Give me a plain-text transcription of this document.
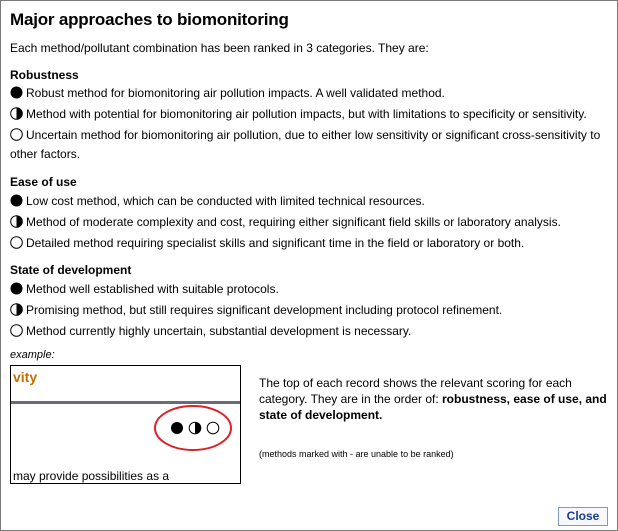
Major approaches to biomonitoring
Each method/pollutant combination has been ranked in 3 categories. They are:
Robustness
Robust method for biomonitoring air pollution impacts. A well validated method.
Method with potential for biomonitoring air pollution impacts, but with limitations to specificity or sensitivity.
Uncertain method for biomonitoring air pollution, due to either low sensitivity or significant cross-sensitivity to other factors.
Ease of use
Low cost method, which can be conducted with limited technical resources.
Method of moderate complexity and cost, requiring either significant field skills or laboratory analysis.
Detailed method requiring specialist skills and significant time in the field or laboratory or both.
State of development
Method well established with suitable protocols.
Promising method, but still requires significant development including protocol refinement.
Method currently highly uncertain, substantial development is necessary.
example:
vity
may provide possibilities as a
The top of each record shows the relevant scoring for each category. They are in the order of: robustness, ease of use, and state of development.
(methods marked with - are unable to be ranked)
Close
